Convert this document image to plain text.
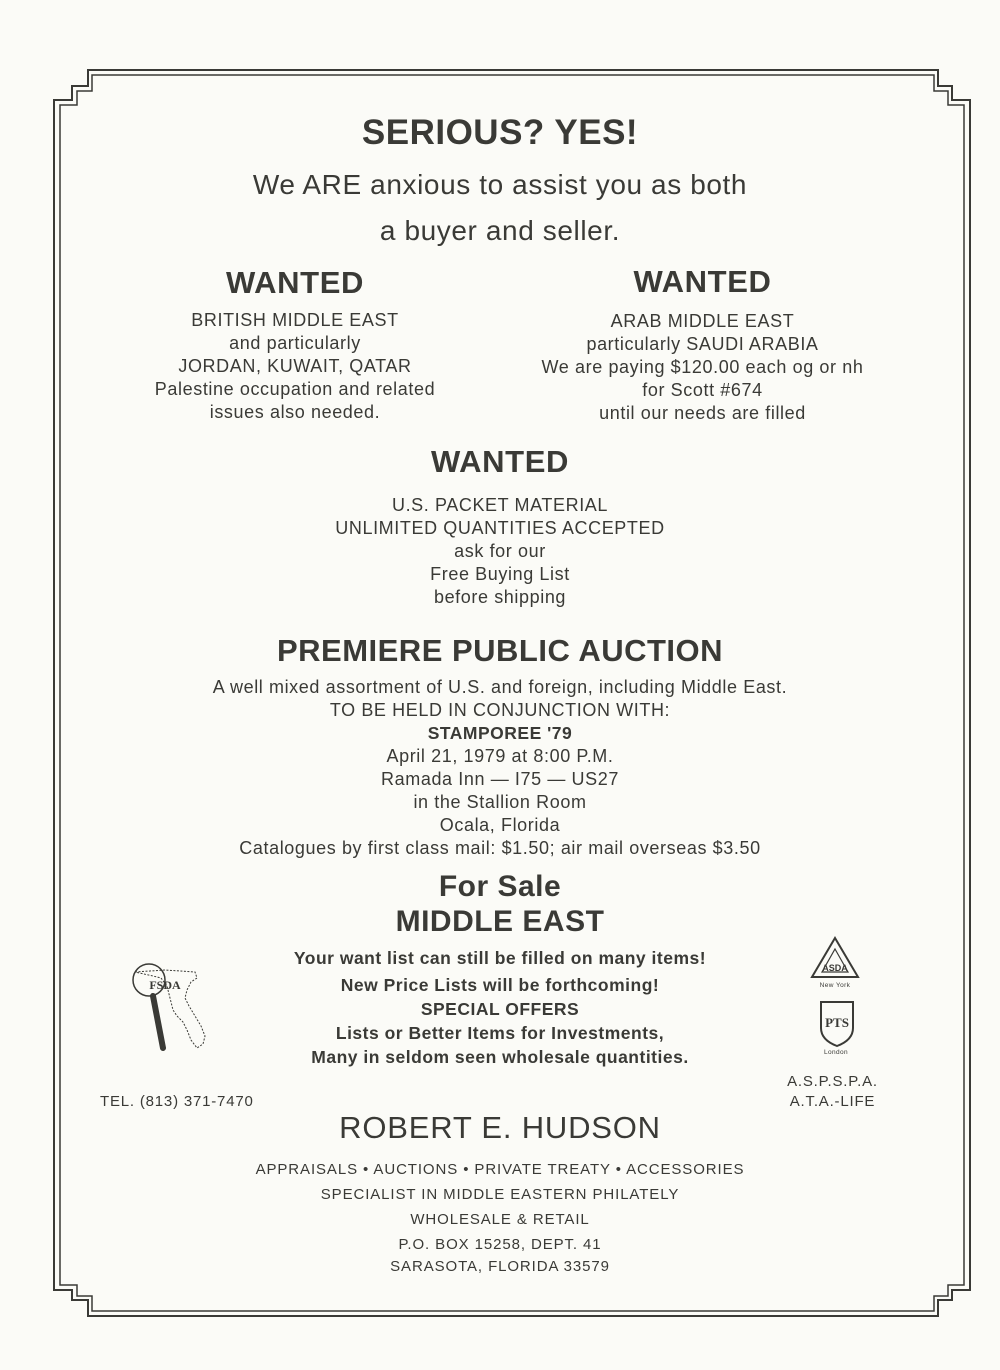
SERIOUS? YES!
We ARE anxious to assist you as both
a buyer and seller.
WANTED
BRITISH MIDDLE EAST
and particularly
JORDAN, KUWAIT, QATAR
Palestine occupation and related
issues also needed.
WANTED
ARAB MIDDLE EAST
particularly SAUDI ARABIA
We are paying $120.00 each og or nh
for Scott #674
until our needs are filled
WANTED
U.S. PACKET MATERIAL
UNLIMITED QUANTITIES ACCEPTED
ask for our
Free Buying List
before shipping
PREMIERE PUBLIC AUCTION
A well mixed assortment of U.S. and foreign, including Middle East.
TO BE HELD IN CONJUNCTION WITH:
STAMPOREE '79
April 21, 1979 at 8:00 P.M.
Ramada Inn — I75 — US27
in the Stallion Room
Ocala, Florida
Catalogues by first class mail: $1.50; air mail overseas $3.50
For Sale
MIDDLE EAST
Your want list can still be filled on many items!
New Price Lists will be forthcoming!
SPECIAL OFFERS
Lists or Better Items for Investments,
Many in seldom seen wholesale quantities.
FSDA
ASDA
New York
PTS
London
TEL. (813) 371-7470
A.S.P.S.P.A.
A.T.A.-LIFE
ROBERT E. HUDSON
APPRAISALS • AUCTIONS • PRIVATE TREATY • ACCESSORIES
SPECIALIST IN MIDDLE EASTERN PHILATELY
WHOLESALE & RETAIL
P.O. BOX 15258, DEPT. 41
SARASOTA, FLORIDA 33579
